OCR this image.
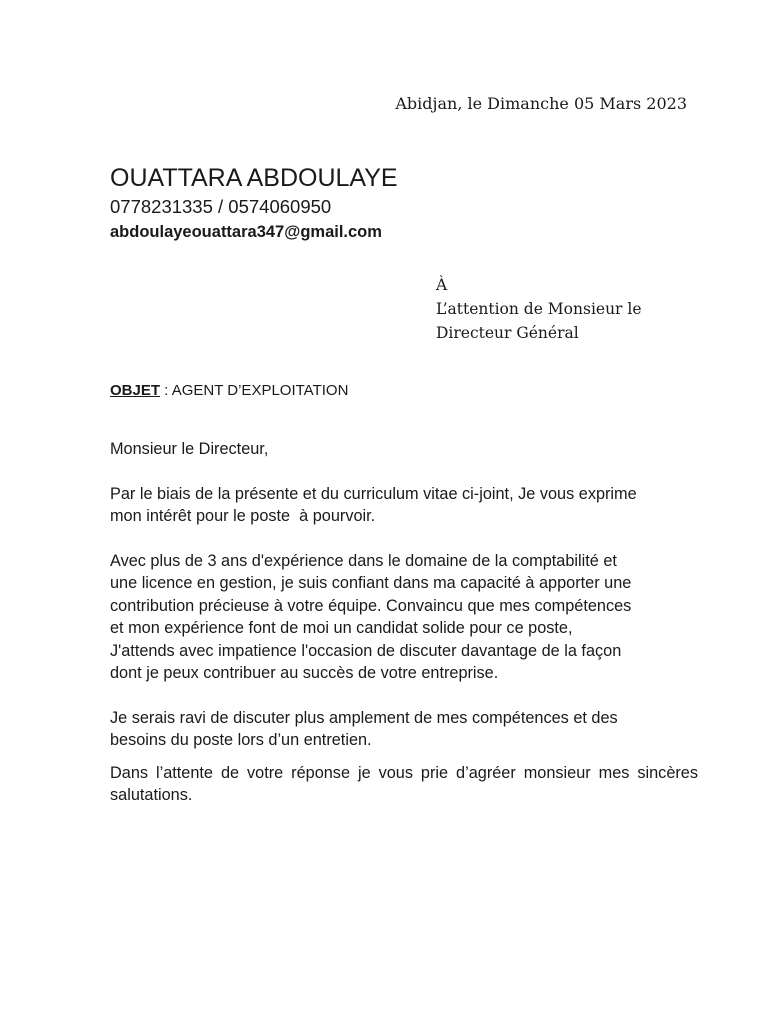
Abidjan, le Dimanche 05 Mars 2023
OUATTARA ABDOULAYE
0778231335 / 0574060950
abdoulayeouattara347@gmail.com
À
L’attention de Monsieur le
Directeur Général
OBJET : AGENT D’EXPLOITATION

Monsieur le Directeur,

Par le biais de la présente et du curriculum vitae ci-joint, Je vous exprime
mon intérêt pour le poste  à pourvoir.

Avec plus de 3 ans d'expérience dans le domaine de la comptabilité et
une licence en gestion, je suis confiant dans ma capacité à apporter une
contribution précieuse à votre équipe. Convaincu que mes compétences
et mon expérience font de moi un candidat solide pour ce poste,
J'attends avec impatience l'occasion de discuter davantage de la façon
dont je peux contribuer au succès de votre entreprise.

Je serais ravi de discuter plus amplement de mes compétences et des
besoins du poste lors d’un entretien.

Dans l’attente de votre réponse je vous prie d’agréer monsieur mes sincères salutations.
